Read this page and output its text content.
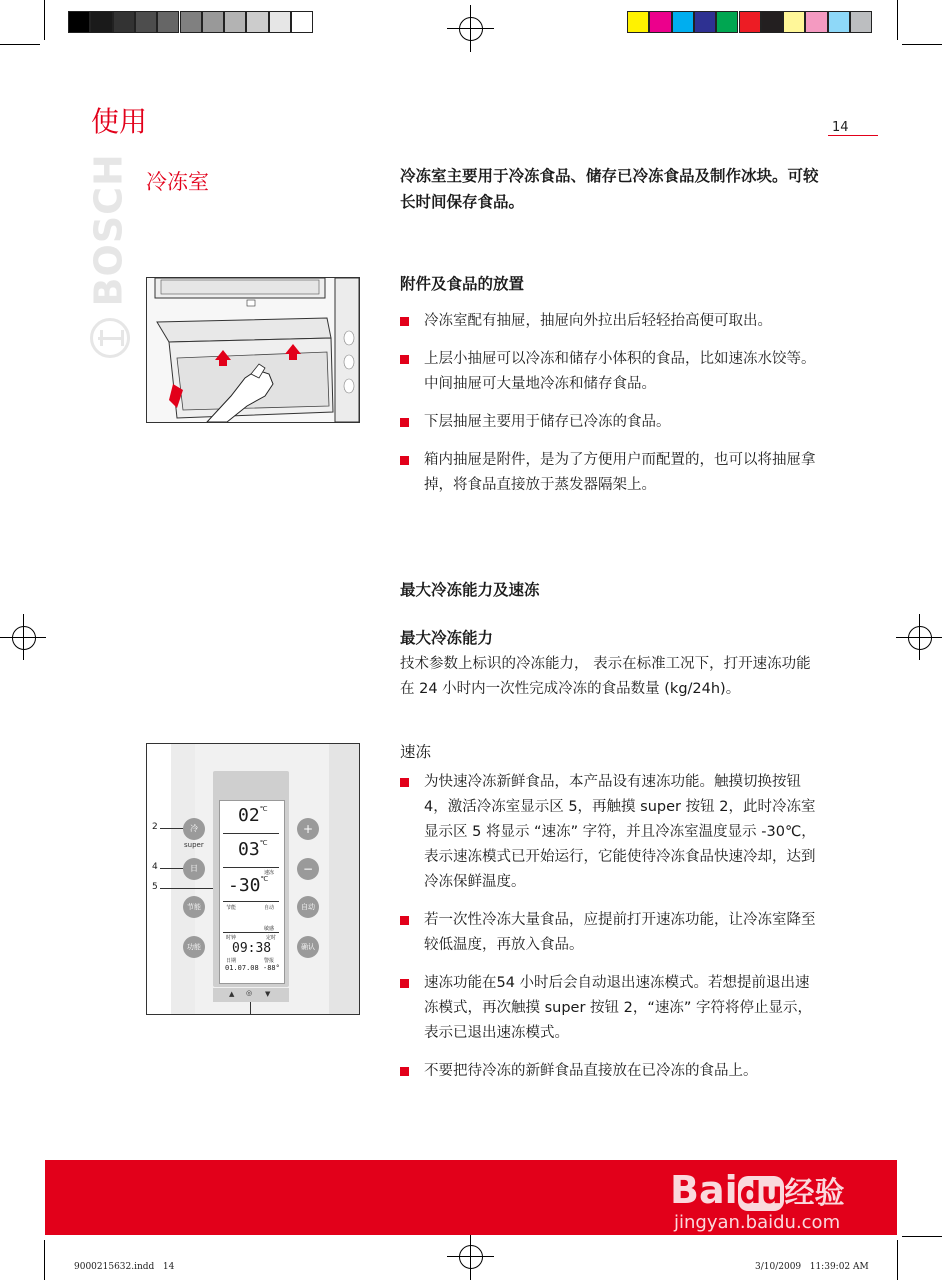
使用	14
BOSCH 冷冻室	冷冻室主要用于冷冻食品、储存已冷冻食品及制作冰块。可较长时间保存食品。
附件及食品的放置
冷冻室配有抽屉，抽屉向外拉出后轻轻抬高便可取出。
上层小抽屉可以冷冻和储存小体积的食品，比如速冻水饺等。中间抽屉可大量地冷冻和储存食品。
下层抽屉主要用于储存已冷冻的食品。
箱内抽屉是附件，是为了方便用户而配置的，也可以将抽屉拿掉，将食品直接放于蒸发器隔架上。
最大冷冻能力及速冻
最大冷冻能力
技术参数上标识的冷冻能力， 表示在标准工况下，打开速冻功能在 24 小时内一次性完成冷冻的食品数量 (kg/24h)。
2
4
5
冷
super
日
节能
功能
+
−
自动
确认
02℃
03℃
速冻
-30℃
节能	自动
敏感
时钟	定时
09:38
日期	警报
01.07.08 -88°
▲ ◎ ▼
速冻
为快速冷冻新鲜食品，本产品设有速冻功能。触摸切换按钮 4，激活冷冻室显示区 5，再触摸 super 按钮 2，此时冷冻室显示区 5 将显示 “速冻” 字符，并且冷冻室温度显示 -30℃，表示速冻模式已开始运行，它能使待冷冻食品快速冷却，达到冷冻保鲜温度。
若一次性冷冻大量食品，应提前打开速冻功能，让冷冻室降至较低温度，再放入食品。
速冻功能在54 小时后会自动退出速冻模式。若想提前退出速冻模式，再次触摸 super 按钮 2，“速冻” 字符将停止显示，表示已退出速冻模式。
不要把待冷冻的新鲜食品直接放在已冷冻的食品上。
Baidu经验
jingyan.baidu.com
9000215632.indd   14	3/10/2009   11:39:02 AM
